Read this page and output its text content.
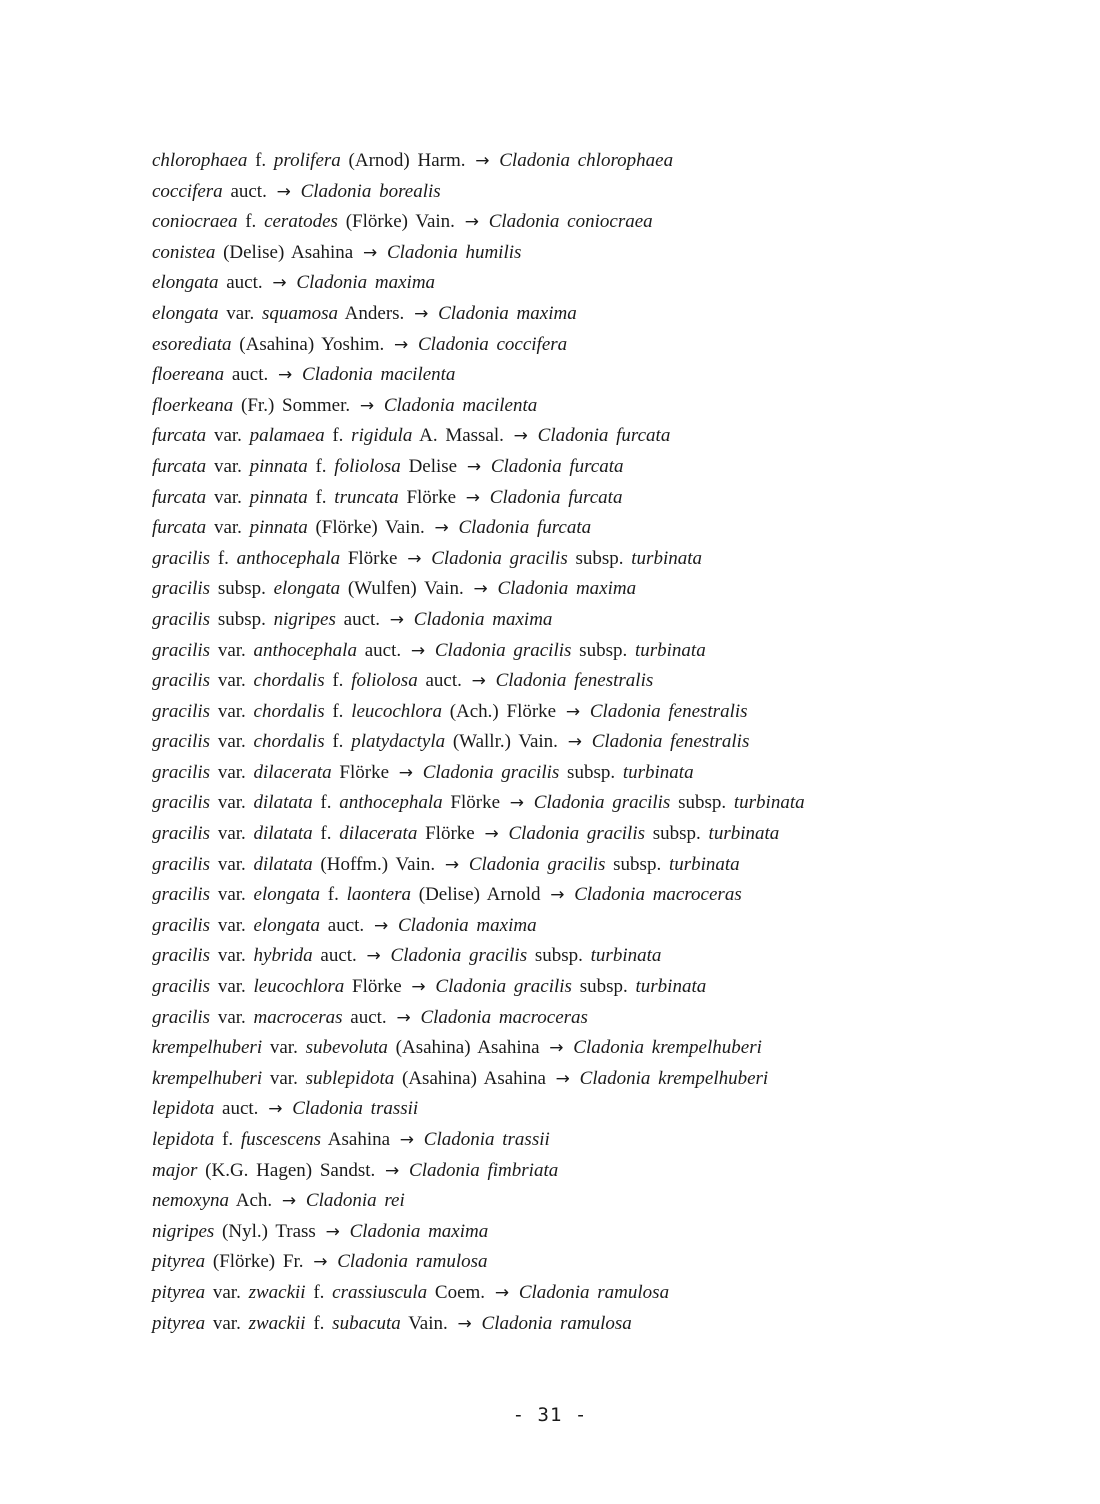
chlorophaea f. prolifera (Arnod) Harm. → Cladonia chlorophaea
coccifera auct. → Cladonia borealis
coniocraea f. ceratodes (Flörke) Vain. → Cladonia coniocraea
conistea (Delise) Asahina → Cladonia humilis
elongata auct. → Cladonia maxima
elongata var. squamosa Anders. → Cladonia maxima
esorediata (Asahina) Yoshim. → Cladonia coccifera
floereana auct. → Cladonia macilenta
floerkeana (Fr.) Sommer. → Cladonia macilenta
furcata var. palamaea f. rigidula A. Massal. → Cladonia furcata
furcata var. pinnata f. foliolosa Delise → Cladonia furcata
furcata var. pinnata f. truncata Flörke → Cladonia furcata
furcata var. pinnata (Flörke) Vain. → Cladonia furcata
gracilis f. anthocephala Flörke → Cladonia gracilis subsp. turbinata
gracilis subsp. elongata (Wulfen) Vain. → Cladonia maxima
gracilis subsp. nigripes auct. → Cladonia maxima
gracilis var. anthocephala auct. → Cladonia gracilis subsp. turbinata
gracilis var. chordalis f. foliolosa auct. → Cladonia fenestralis
gracilis var. chordalis f. leucochlora (Ach.) Flörke → Cladonia fenestralis
gracilis var. chordalis f. platydactyla (Wallr.) Vain. → Cladonia fenestralis
gracilis var. dilacerata Flörke → Cladonia gracilis subsp. turbinata
gracilis var. dilatata f. anthocephala Flörke → Cladonia gracilis subsp. turbinata
gracilis var. dilatata f. dilacerata Flörke → Cladonia gracilis subsp. turbinata
gracilis var. dilatata (Hoffm.) Vain. → Cladonia gracilis subsp. turbinata
gracilis var. elongata f. laontera (Delise) Arnold → Cladonia macroceras
gracilis var. elongata auct. → Cladonia maxima
gracilis var. hybrida auct. → Cladonia gracilis subsp. turbinata
gracilis var. leucochlora Flörke → Cladonia gracilis subsp. turbinata
gracilis var. macroceras auct. → Cladonia macroceras
krempelhuberi var. subevoluta (Asahina) Asahina → Cladonia krempelhuberi
krempelhuberi var. sublepidota (Asahina) Asahina → Cladonia krempelhuberi
lepidota auct. → Cladonia trassii
lepidota f. fuscescens Asahina → Cladonia trassii
major (K.G. Hagen) Sandst. → Cladonia fimbriata
nemoxyna Ach. → Cladonia rei
nigripes (Nyl.) Trass → Cladonia maxima
pityrea (Flörke) Fr. → Cladonia ramulosa
pityrea var. zwackii f. crassiuscula Coem. → Cladonia ramulosa
pityrea var. zwackii f. subacuta Vain. → Cladonia ramulosa
- 31 -
